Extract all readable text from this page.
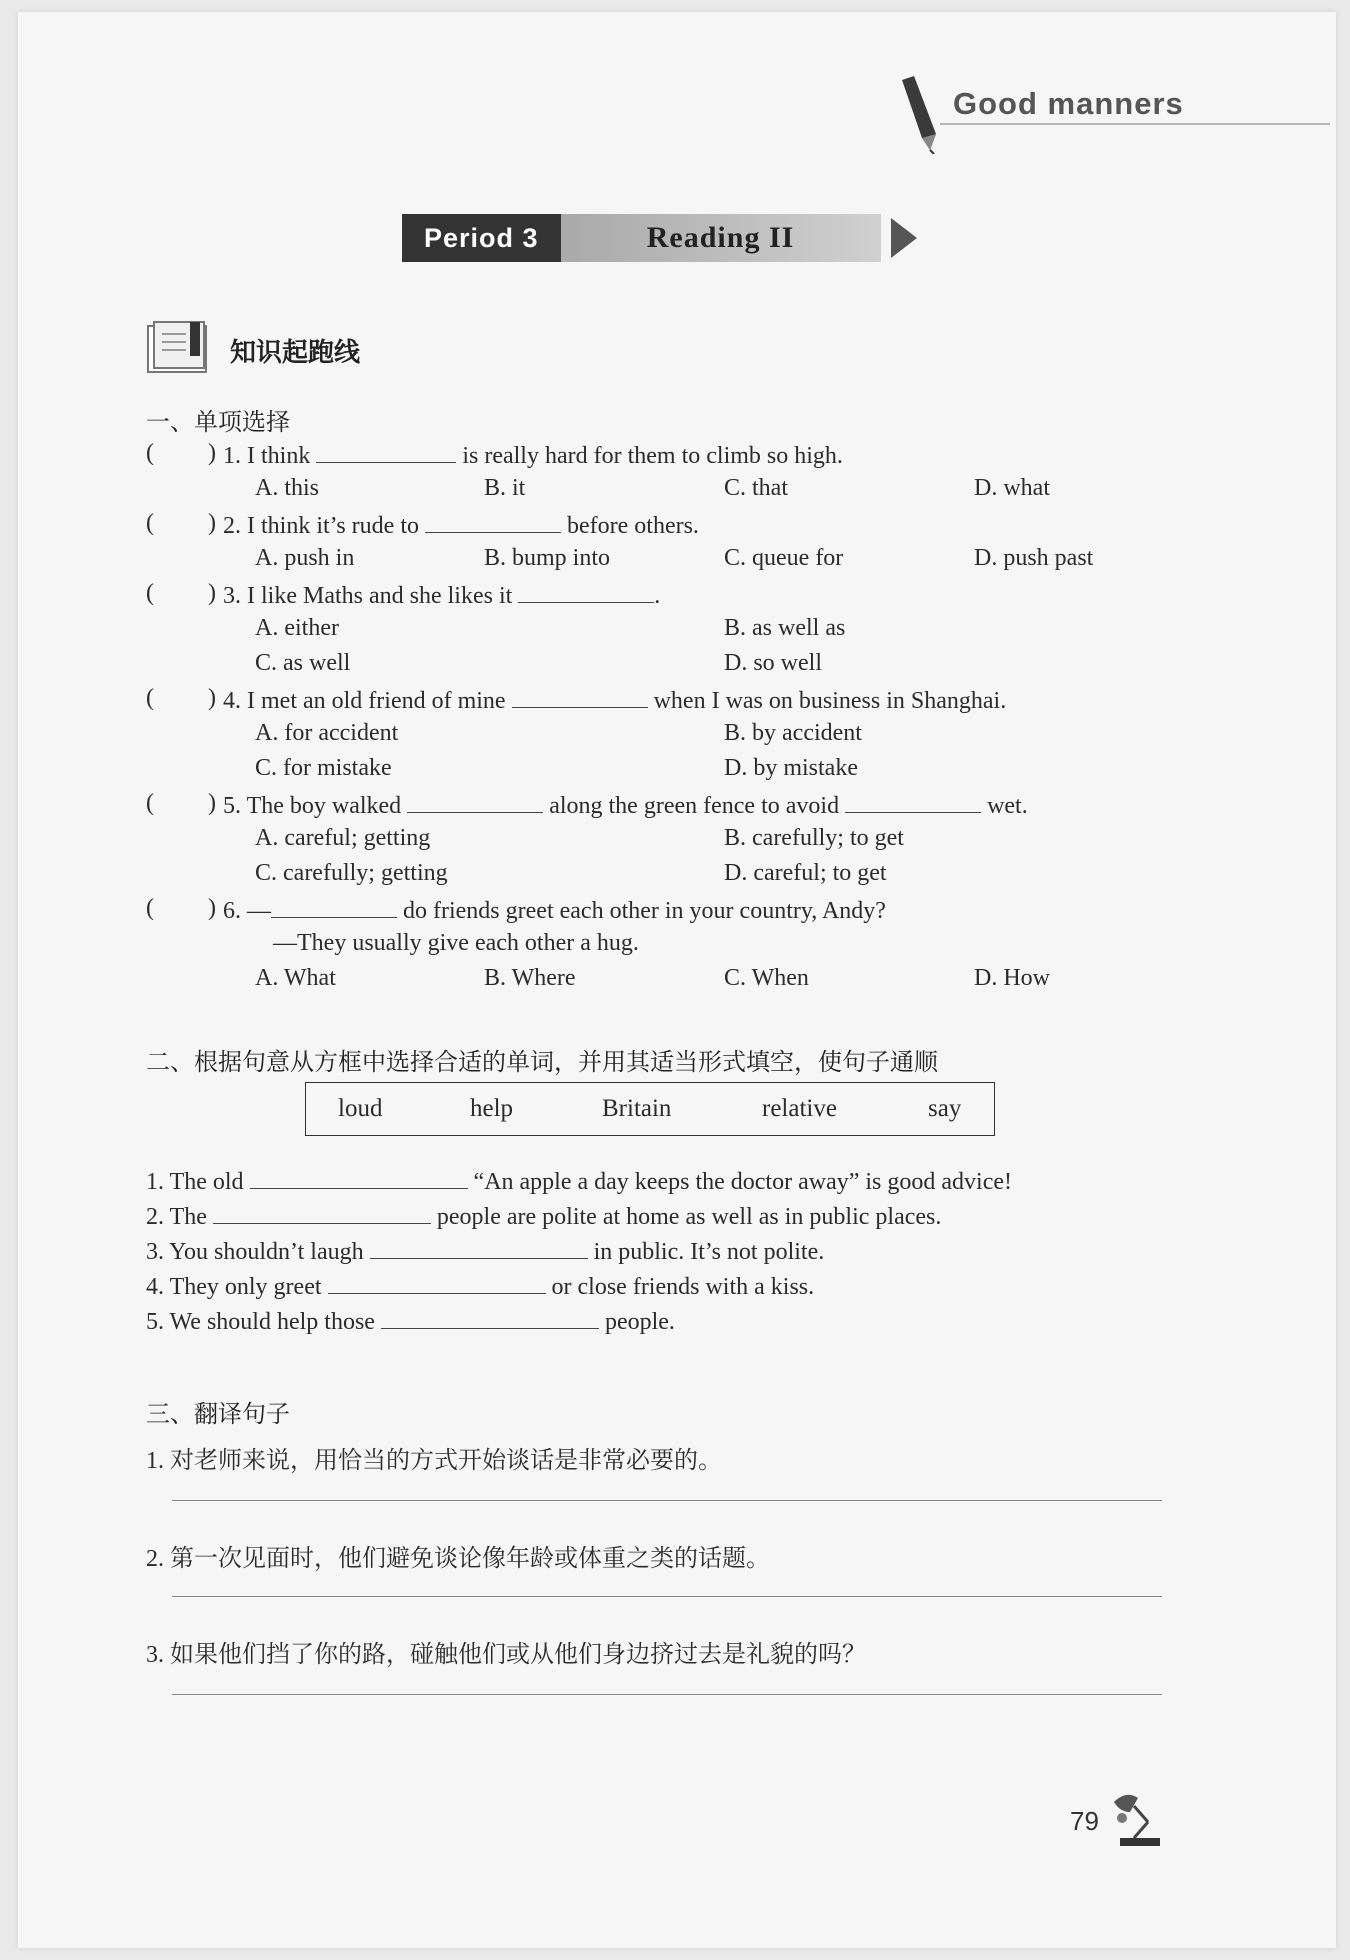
Good manners
Period 3	Reading II
知识起跑线
一、单项选择
( ) 1. I think	is really hard for them to climb so high.
A. this	B. it	C. that	D. what
( ) 2. I think it’s rude to	before others.
A. push in	B. bump into	C. queue for	D. push past
( ) 3. I like Maths and she likes it	.
A. either	B. as well as
C. as well	D. so well
( ) 4. I met an old friend of mine	when I was on business in Shanghai.
A. for accident	B. by accident
C. for mistake	D. by mistake
( ) 5. The boy walked	along the green fence to avoid	wet.
A. careful; getting	B. carefully; to get
C. carefully; getting	D. careful; to get
( ) 6. —	do friends greet each other in your country, Andy?
—They usually give each other a hug.
A. What	B. Where	C. When	D. How
二、根据句意从方框中选择合适的单词，并用其适当形式填空，使句子通顺
loud	help	Britain	relative	say
1. The old	“An apple a day keeps the doctor away” is good advice!
2. The	people are polite at home as well as in public places.
3. You shouldn’t laugh	in public. It’s not polite.
4. They only greet	or close friends with a kiss.
5. We should help those	people.
三、翻译句子
1. 对老师来说，用恰当的方式开始谈话是非常必要的。
2. 第一次见面时，他们避免谈论像年龄或体重之类的话题。
3. 如果他们挡了你的路，碰触他们或从他们身边挤过去是礼貌的吗？
79
